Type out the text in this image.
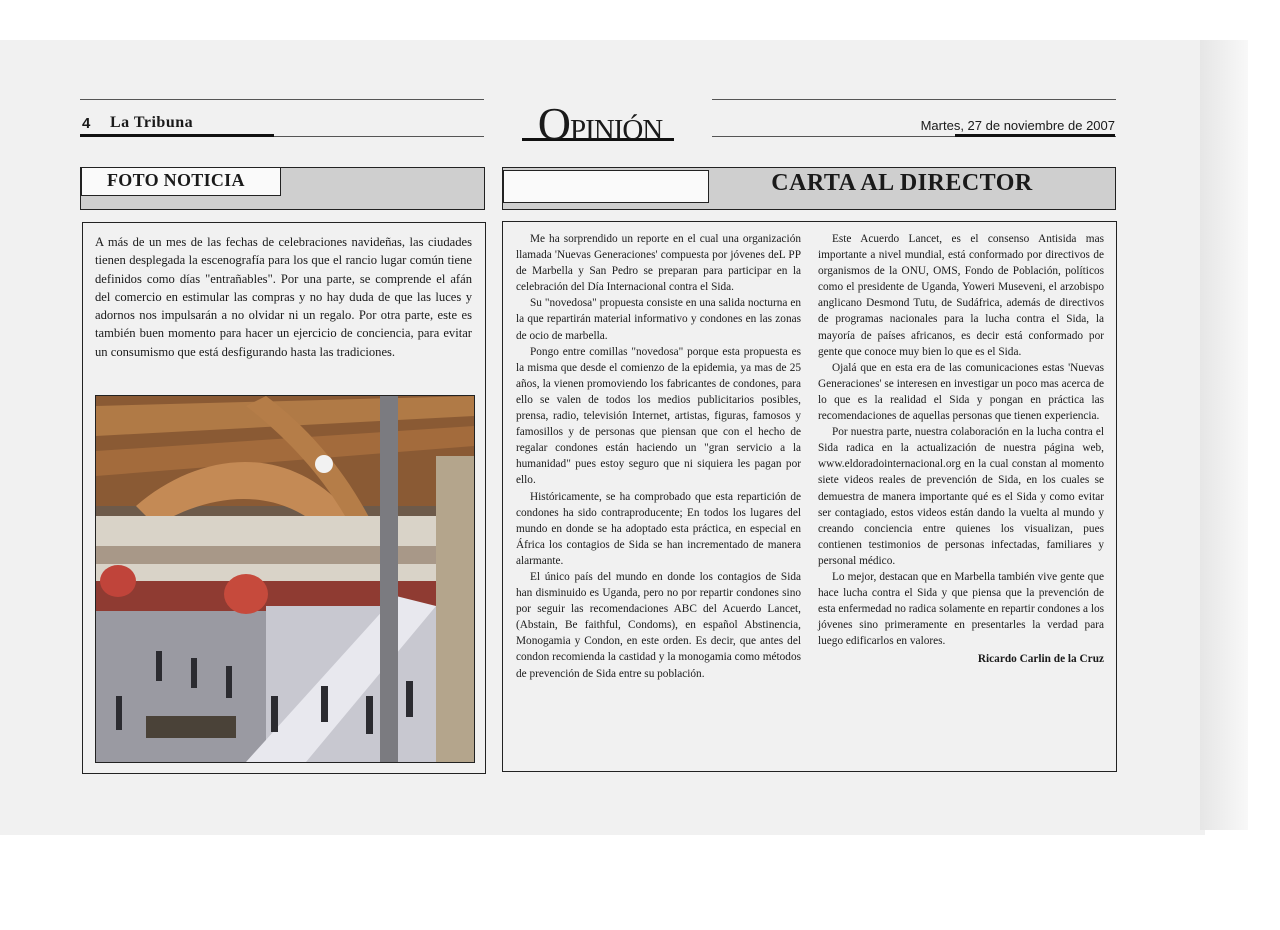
4 La Tribuna	OPINIÓN	Martes, 27 de noviembre de 2007
FOTO NOTICIA
A más de un mes de las fechas de celebraciones navideñas, las ciudades tienen desplegada la escenografía para los que el rancio lugar común tiene definidos como días "entrañables". Por una parte, se comprende el afán del comercio en estimular las compras y no hay duda de que las luces y adornos nos impulsarán a no olvidar ni un regalo. Por otra parte, este es también buen momento para hacer un ejercicio de conciencia, para evitar un consumismo que está desfigurando hasta las tradiciones.
CARTA AL DIRECTOR

Me ha sorprendido un reporte en el cual una organización llamada 'Nuevas Generaciones' compuesta por jóvenes deL PP de Marbella y San Pedro se preparan para participar en la celebración del Día Internacional contra el Sida.

Su "novedosa" propuesta consiste en una salida nocturna en la que repartirán material informativo y condones en las zonas de ocio de marbella.

Pongo entre comillas "novedosa" porque esta propuesta es la misma que desde el comienzo de la epidemia, ya mas de 25 años, la vienen promoviendo los fabricantes de condones, para ello se valen de todos los medios publicitarios posibles, prensa, radio, televisión Internet, artistas, figuras, famosos y famosillos y de personas que piensan que con el hecho de regalar condones están haciendo un "gran servicio a la humanidad" pues estoy seguro que ni siquiera les pagan por ello.

Históricamente, se ha comprobado que esta repartición de condones ha sido contraproducente; En todos los lugares del mundo en donde se ha adoptado esta práctica, en especial en África los contagios de Sida se han incrementado de manera alarmante.

El único país del mundo en donde los contagios de Sida han disminuido es Uganda, pero no por repartir condones sino por seguir las recomendaciones ABC del Acuerdo Lancet, (Abstain, Be faithful, Condoms), en español Abstinencia, Monogamia y Condon, en este orden. Es decir, que antes del condon recomienda la castidad y la monogamia como métodos de prevención de Sida entre su población.

Este Acuerdo Lancet, es el consenso Antisida mas importante a nivel mundial, está conformado por directivos de organismos de la ONU, OMS, Fondo de Población, políticos como el presidente de Uganda, Yoweri Museveni, el arzobispo anglicano Desmond Tutu, de Sudáfrica, además de directivos de programas nacionales para la lucha contra el Sida, la mayoría de países africanos, es decir está conformado por gente que conoce muy bien lo que es el Sida.

Ojalá que en esta era de las comunicaciones estas 'Nuevas Generaciones' se interesen en investigar un poco mas acerca de lo que es la realidad el Sida y pongan en práctica las recomendaciones de aquellas personas que tienen experiencia.

Por nuestra parte, nuestra colaboración en la lucha contra el Sida radica en la actualización de nuestra página web, www.eldoradointernacional.org en la cual constan al momento siete videos reales de prevención de Sida, en los cuales se demuestra de manera importante qué es el Sida y como evitar ser contagiado, estos videos están dando la vuelta al mundo y creando conciencia entre quienes los visualizan, pues contienen testimonios de personas infectadas, familiares y personal médico.

Lo mejor, destacan que en Marbella también vive gente que hace lucha contra el Sida y que piensa que la prevención de esta enfermedad no radica solamente en repartir condones a los jóvenes sino primeramente en presentarles la verdad para luego edificarlos en valores.

Ricardo Carlin de la Cruz
